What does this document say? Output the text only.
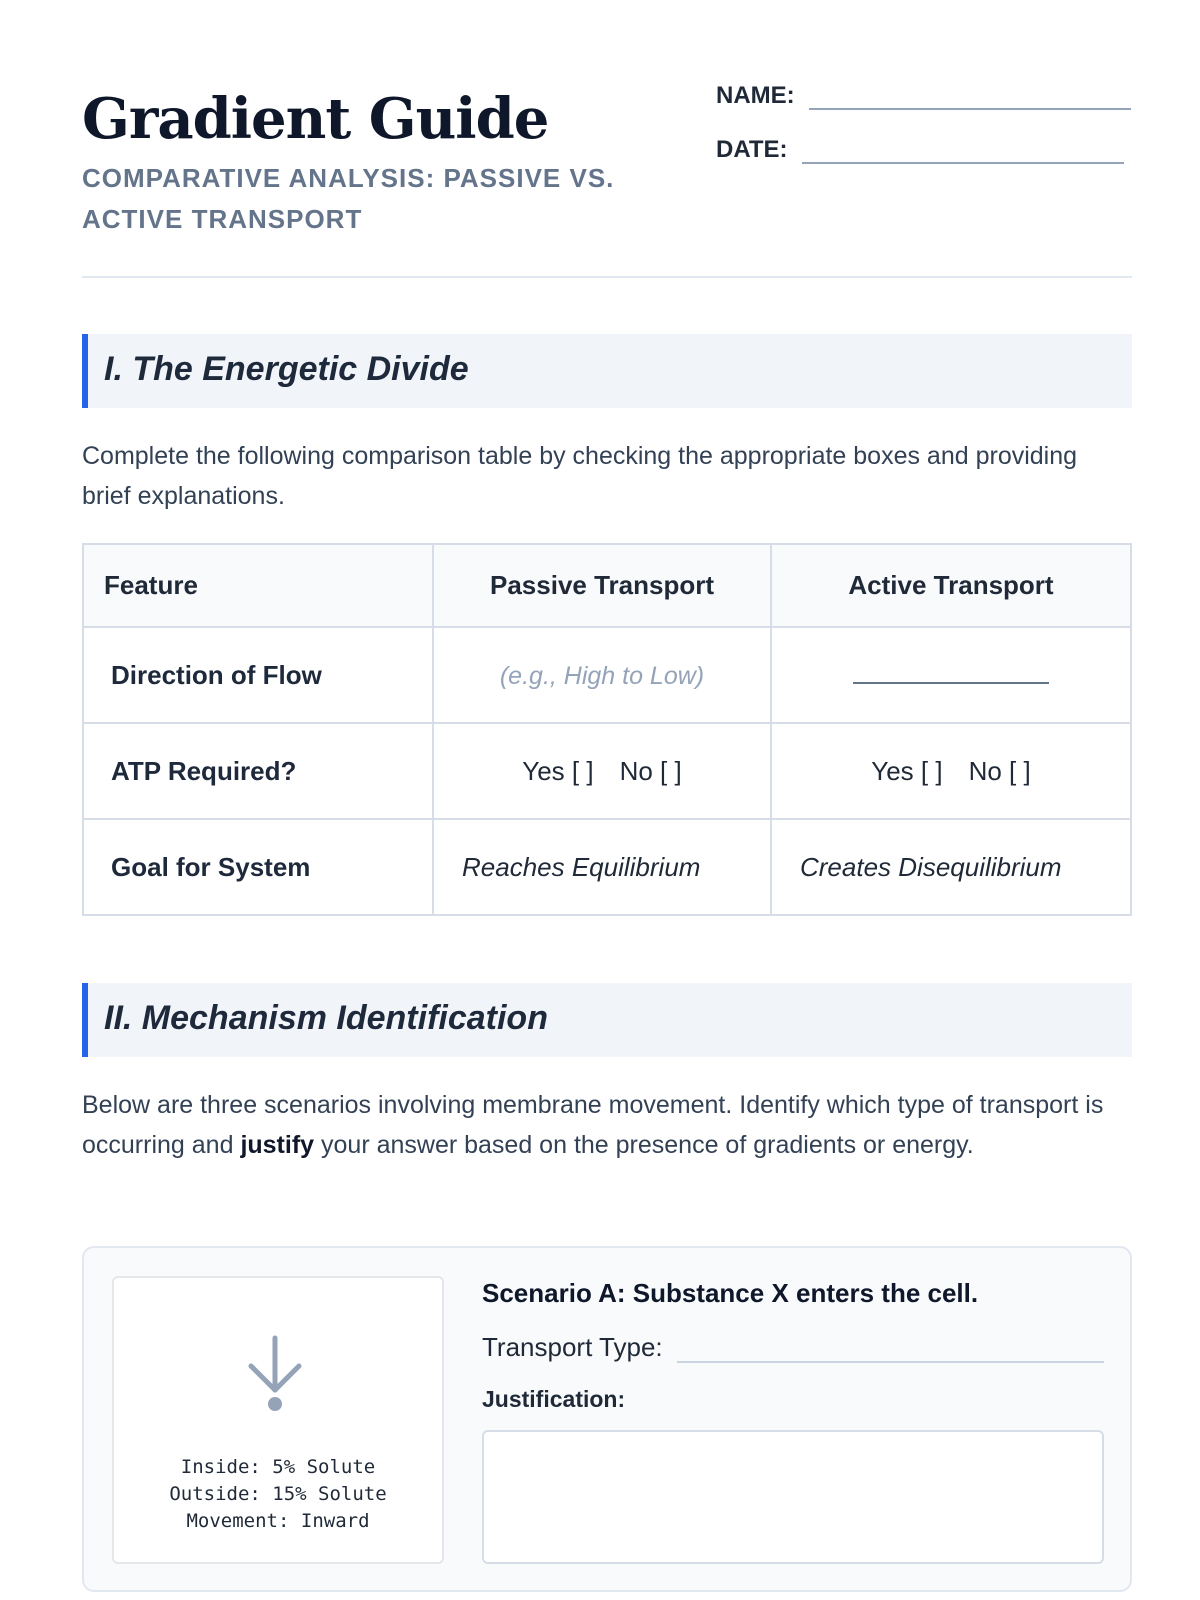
Gradient Guide
COMPARATIVE ANALYSIS: PASSIVE VS. ACTIVE TRANSPORT
NAME:
DATE:
I. The Energetic Divide
Complete the following comparison table by checking the appropriate boxes and providing brief explanations.
Feature	Passive Transport	Active Transport
Direction of Flow	(e.g., High to Low)	
ATP Required?	Yes [ ] No [ ]	Yes [ ] No [ ]
Goal for System	Reaches Equilibrium	Creates Disequilibrium
II. Mechanism Identification
Below are three scenarios involving membrane movement. Identify which type of transport is occurring and justify your answer based on the presence of gradients or energy.
Inside: 5% Solute
Outside: 15% Solute
Movement: Inward
Scenario A: Substance X enters the cell.
Transport Type:
Justification:
